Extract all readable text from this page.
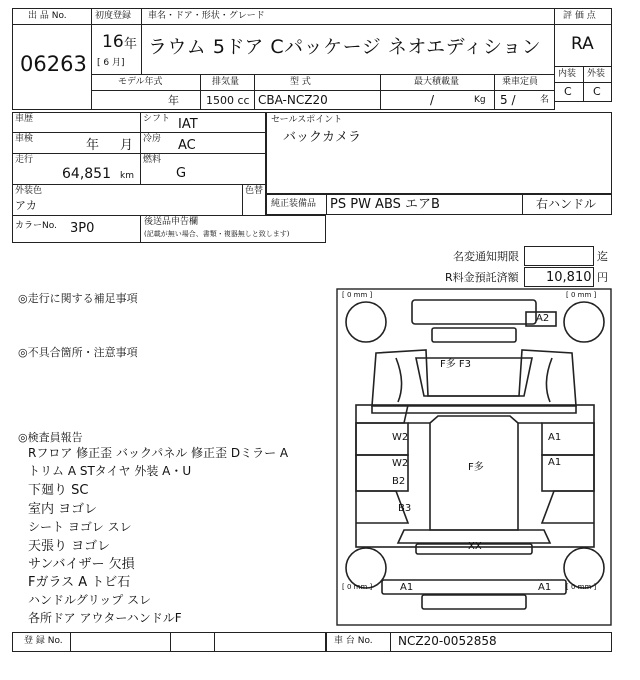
出 品 No.
06263
初度登録 車名・ドア・形状・グレード
16 年
[ 6 月]
ラウム 5ドア Cパッケージ ネオエディション
モデル年式
年
排気量
1500 cc
型 式
CBA-NCZ20
最大積載量
/	Kg
乗車定員
5 /	名
評 価 点
RA
内装 外装
C C
車歴	シフト IAT
車検	年 月 冷房 AC
走行
64,851 km
燃料
G
外装色
アカ
色替
カラーNo. 3P0	後送品申告欄
(記載が無い場合、書類・複器無しと致します)
セールスポイント
バックカメラ
純正装備品 PS PW ABS エアB	右ハンドル
名変通知期限	迄
R料金預託済額 10,810 円
◎走行に関する補足事項
◎不具合箇所・注意事項
◎検査員報告
Rフロア 修正歪 バックパネル 修正歪 Dミラー A
トリム A STタイヤ 外装 A・U
下廻り SC
室内 ヨゴレ
シート ヨゴレ スレ
天張り ヨゴレ
サンバイザー 欠損
Fガラス A トビ石
ハンドルグリップ スレ
各所ドア アウターハンドルF
[ 0 mm ]	[ 0 mm ]
[ 0 mm ]	[ 0 mm ]
A2
F多 F3
W2	A1
W2
B2
A1
F多
B3
XX
A1	A1
登 録 No.	車 台 No. NCZ20-0052858
